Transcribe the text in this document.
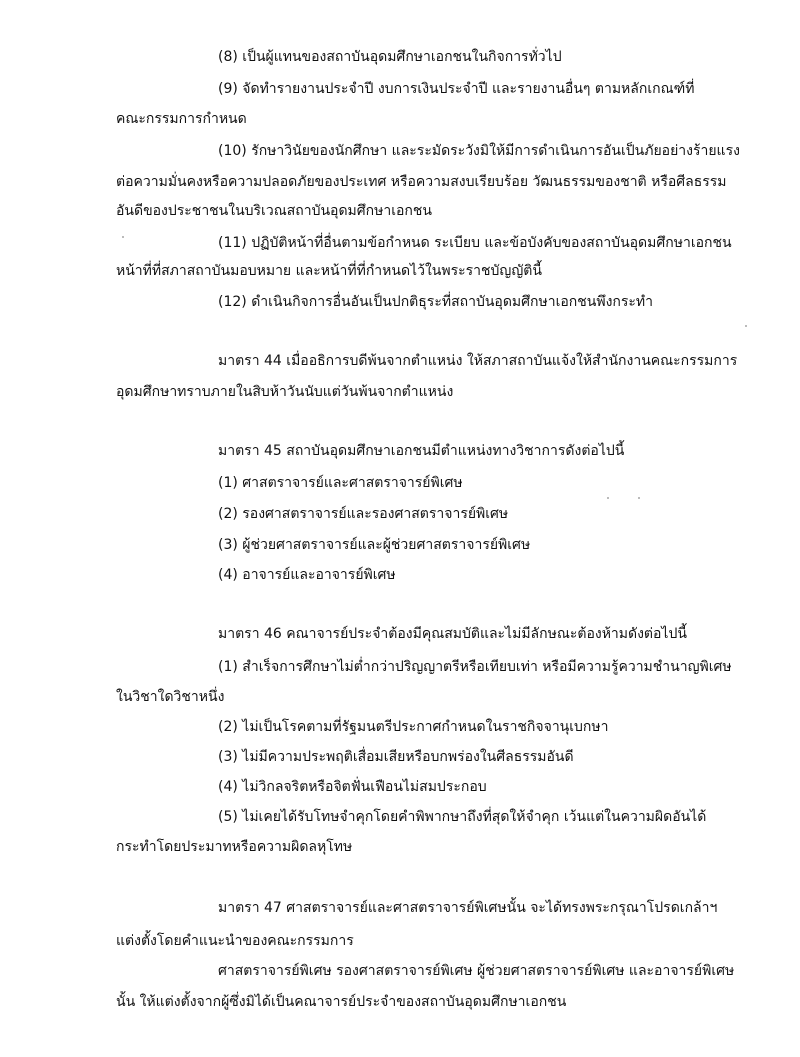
(8) เป็นผู้แทนของสถาบันอุดมศึกษาเอกชนในกิจการทั่วไป
(9) จัดทำรายงานประจำปี งบการเงินประจำปี และรายงานอื่นๆ ตามหลักเกณฑ์ที่
คณะกรรมการกำหนด
(10) รักษาวินัยของนักศึกษา และระมัดระวังมิให้มีการดำเนินการอันเป็นภัยอย่างร้ายแรง
ต่อความมั่นคงหรือความปลอดภัยของประเทศ หรือความสงบเรียบร้อย วัฒนธรรมของชาติ หรือศีลธรรม
อันดีของประชาชนในบริเวณสถาบันอุดมศึกษาเอกชน
(11) ปฏิบัติหน้าที่อื่นตามข้อกำหนด ระเบียบ และข้อบังคับของสถาบันอุดมศึกษาเอกชน
หน้าที่ที่สภาสถาบันมอบหมาย และหน้าที่ที่กำหนดไว้ในพระราชบัญญัตินี้
(12) ดำเนินกิจการอื่นอันเป็นปกติธุระที่สถาบันอุดมศึกษาเอกชนพึงกระทำ
มาตรา 44 เมื่ออธิการบดีพ้นจากตำแหน่ง ให้สภาสถาบันแจ้งให้สำนักงานคณะกรรมการ
อุดมศึกษาทราบภายในสิบห้าวันนับแต่วันพ้นจากตำแหน่ง
มาตรา 45 สถาบันอุดมศึกษาเอกชนมีตำแหน่งทางวิชาการดังต่อไปนี้
(1) ศาสตราจารย์และศาสตราจารย์พิเศษ
(2) รองศาสตราจารย์และรองศาสตราจารย์พิเศษ
(3) ผู้ช่วยศาสตราจารย์และผู้ช่วยศาสตราจารย์พิเศษ
(4) อาจารย์และอาจารย์พิเศษ
มาตรา 46 คณาจารย์ประจำต้องมีคุณสมบัติและไม่มีลักษณะต้องห้ามดังต่อไปนี้
(1) สำเร็จการศึกษาไม่ต่ำกว่าปริญญาตรีหรือเทียบเท่า หรือมีความรู้ความชำนาญพิเศษ
ในวิชาใดวิชาหนึ่ง
(2) ไม่เป็นโรคตามที่รัฐมนตรีประกาศกำหนดในราชกิจจานุเบกษา
(3) ไม่มีความประพฤติเสื่อมเสียหรือบกพร่องในศีลธรรมอันดี
(4) ไม่วิกลจริตหรือจิตฟั่นเฟือนไม่สมประกอบ
(5) ไม่เคยได้รับโทษจำคุกโดยคำพิพากษาถึงที่สุดให้จำคุก เว้นแต่ในความผิดอันได้
กระทำโดยประมาทหรือความผิดลหุโทษ
มาตรา 47 ศาสตราจารย์และศาสตราจารย์พิเศษนั้น จะได้ทรงพระกรุณาโปรดเกล้าฯ
แต่งตั้งโดยคำแนะนำของคณะกรรมการ
ศาสตราจารย์พิเศษ รองศาสตราจารย์พิเศษ ผู้ช่วยศาสตราจารย์พิเศษ และอาจารย์พิเศษ
นั้น ให้แต่งตั้งจากผู้ซึ่งมิได้เป็นคณาจารย์ประจำของสถาบันอุดมศึกษาเอกชน
